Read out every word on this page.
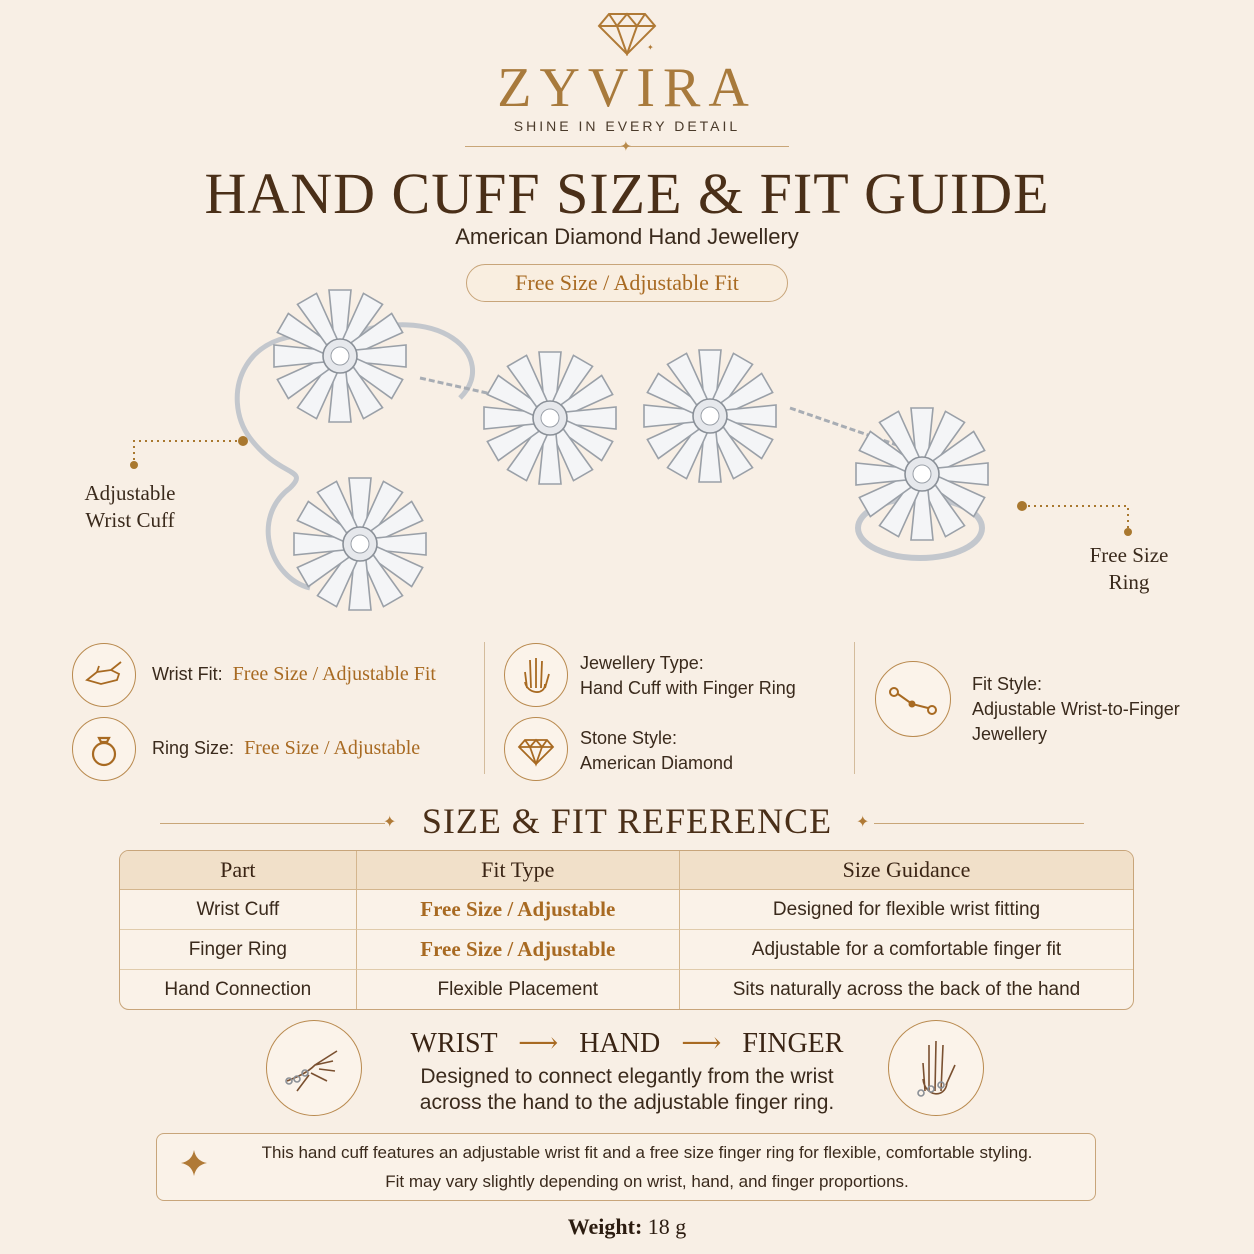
✦
ZYVIRA
SHINE IN EVERY DETAIL
✦
HAND CUFF SIZE & FIT GUIDE
American Diamond Hand Jewellery
Free Size / Adjustable Fit
Adjustable
Wrist Cuff
Free Size
Ring
Wrist Fit: Free Size / Adjustable Fit
Ring Size: Free Size / Adjustable
Jewellery Type:
Hand Cuff with Finger Ring
Stone Style:
American Diamond
Fit Style:
Adjustable Wrist-to-Finger
Jewellery
✦ SIZE & FIT REFERENCE	✦
Part	Fit Type	Size Guidance
Wrist Cuff	Free Size / Adjustable	Designed for flexible wrist fitting
Finger Ring	Free Size / Adjustable	Adjustable for a comfortable finger fit
Hand Connection	Flexible Placement	Sits naturally across the back of the hand
WRIST ⟶ HAND ⟶ FINGER
Designed to connect elegantly from the wrist
across the hand to the adjustable finger ring.
This hand cuff features an adjustable wrist fit and a free size finger ring for flexible, comfortable styling.
Fit may vary slightly depending on wrist, hand, and finger proportions.
Weight: 18 g
